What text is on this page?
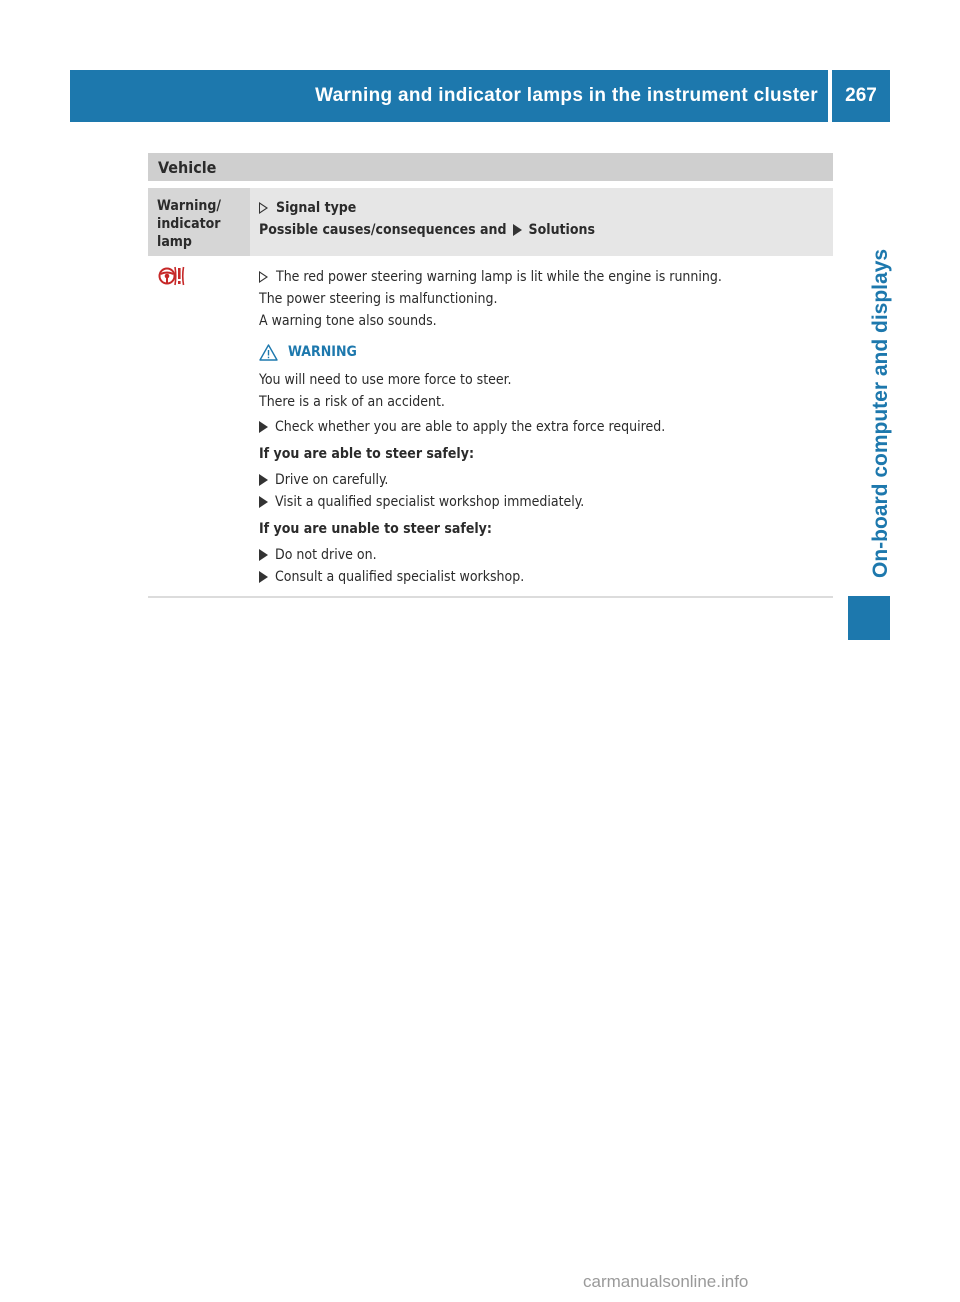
Warning and indicator lamps in the instrument cluster	267
On-board computer and displays
Vehicle
Warning/ indicator lamp
Signal type
Possible causes/consequences and Solutions

The red power steering warning lamp is lit while the engine is running.

The power steering is malfunctioning.

A warning tone also sounds.

WARNING

You will need to use more force to steer.

There is a risk of an accident.

Check whether you are able to apply the extra force required.

If you are able to steer safely:

Drive on carefully.

Visit a qualified specialist workshop immediately.

If you are unable to steer safely:

Do not drive on.

Consult a qualified specialist workshop.

carmanualsonline.info
